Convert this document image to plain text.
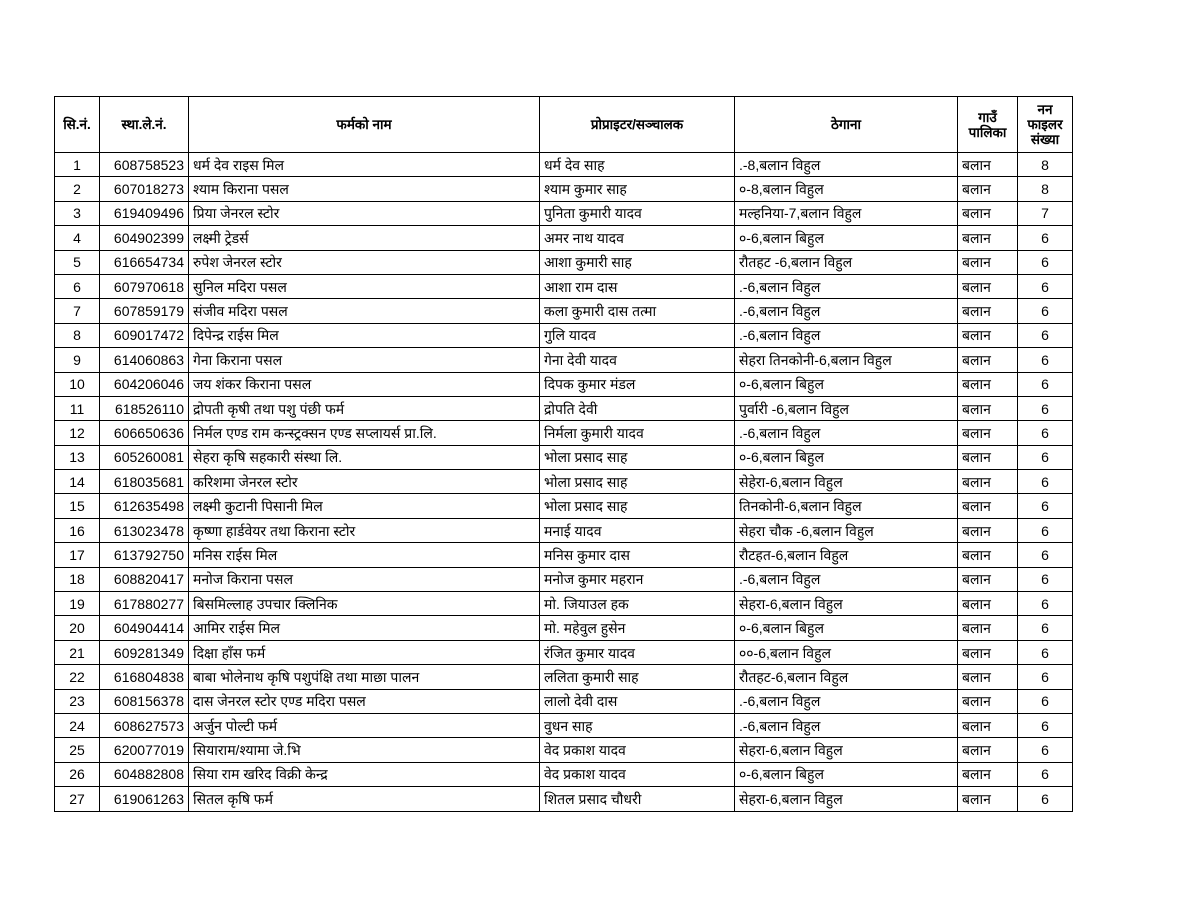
सि.नं.	स्था.ले.नं.	फर्मको नाम	प्रोप्राइटर/सञ्चालक	ठेगाना	गाउँ पालिका	नन फाइलर संख्या
1	608758523	धर्म देव राइस मिल	धर्म देव साह	.-8,बलान विहुल	बलान	8
2	607018273	श्याम किराना पसल	श्याम कुमार साह	०-8,बलान विहुल	बलान	8
3	619409496	प्रिया जेनरल स्टोर	पुनिता कुमारी यादव	मल्हनिया-7,बलान विहुल	बलान	7
4	604902399	लक्ष्मी ट्रेडर्स	अमर नाथ यादव	०-6,बलान बिहुल	बलान	6
5	616654734	रुपेश जेनरल स्टोर	आशा कुमारी साह	रौतहट -6,बलान विहुल	बलान	6
6	607970618	सुनिल मदिरा पसल	आशा राम दास	.-6,बलान विहुल	बलान	6
7	607859179	संजीव मदिरा पसल	कला कुमारी दास तत्मा	.-6,बलान विहुल	बलान	6
8	609017472	दिपेन्द्र राईस मिल	गुलि यादव	.-6,बलान विहुल	बलान	6
9	614060863	गेना किराना पसल	गेना देवी यादव	सेहरा तिनकोनी-6,बलान विहुल	बलान	6
10	604206046	जय शंकर किराना पसल	दिपक कुमार मंडल	०-6,बलान बिहुल	बलान	6
11	618526110	द्रोपती कृषी तथा पशु पंछी फर्म	द्रोपति देवी	पुर्वारी -6,बलान विहुल	बलान	6
12	606650636	निर्मल एण्ड राम कन्स्ट्रक्सन एण्ड सप्लायर्स प्रा.लि.	निर्मला कुमारी यादव	.-6,बलान विहुल	बलान	6
13	605260081	सेहरा कृषि सहकारी संस्था लि.	भोला प्रसाद साह	०-6,बलान बिहुल	बलान	6
14	618035681	करिशमा जेनरल स्टोर	भोला प्रसाद साह	सेहेरा-6,बलान विहुल	बलान	6
15	612635498	लक्ष्मी कुटानी पिसानी मिल	भोला प्रसाद साह	तिनकोनी-6,बलान विहुल	बलान	6
16	613023478	कृष्णा हार्डवेयर तथा किराना स्टोर	मनाई यादव	सेहरा चौक -6,बलान विहुल	बलान	6
17	613792750	मनिस राईस मिल	मनिस कुमार दास	रौटहत-6,बलान विहुल	बलान	6
18	608820417	मनोज किराना पसल	मनोज कुमार महरान	.-6,बलान विहुल	बलान	6
19	617880277	बिसमिल्लाह उपचार क्लिनिक	मो. जियाउल हक	सेहरा-6,बलान विहुल	बलान	6
20	604904414	आमिर राईस मिल	मो. महेवुल हुसेन	०-6,बलान बिहुल	बलान	6
21	609281349	दिक्षा हाँस फर्म	रंजित कुमार यादव	००-6,बलान विहुल	बलान	6
22	616804838	बाबा भोलेनाथ कृषि पशुपंक्षि तथा माछा पालन	ललिता कुमारी साह	रौतहट-6,बलान विहुल	बलान	6
23	608156378	दास जेनरल स्टोर एण्ड मदिरा पसल	लालो देवी दास	.-6,बलान विहुल	बलान	6
24	608627573	अर्जुन पोल्टी फर्म	वुधन साह	.-6,बलान विहुल	बलान	6
25	620077019	सियाराम/श्यामा जे.भि	वेद प्रकाश यादव	सेहरा-6,बलान विहुल	बलान	6
26	604882808	सिया राम खरिद विक्री केन्द्र	वेद प्रकाश यादव	०-6,बलान बिहुल	बलान	6
27	619061263	सितल कृषि फर्म	शितल प्रसाद चौधरी	सेहरा-6,बलान विहुल	बलान	6
